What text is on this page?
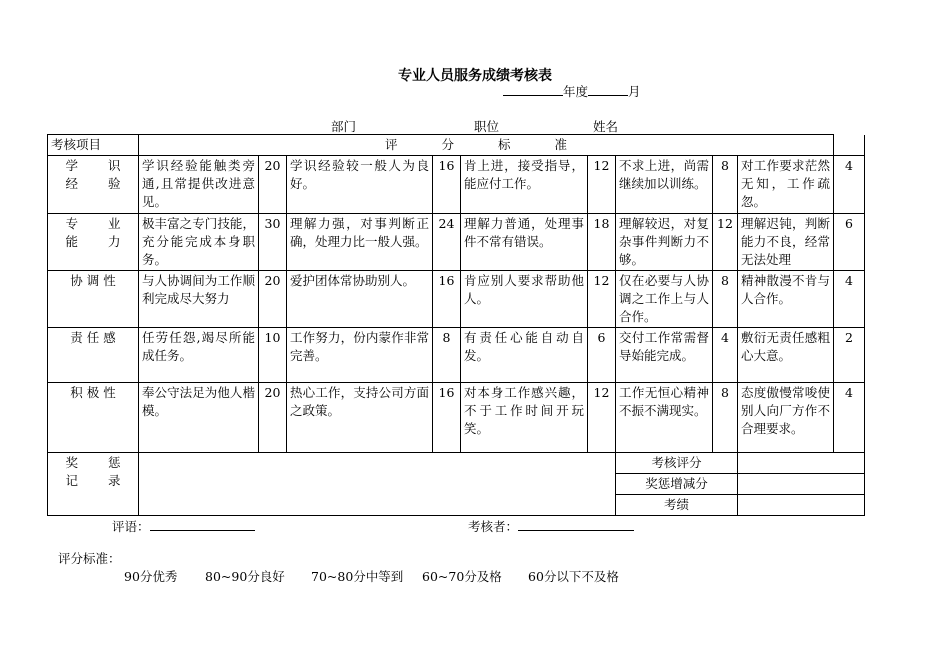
专业人员服务成绩考核表
年度	月
部门	职位	姓名
考核项目	评 分 标 准									

学 识
经 验	学识经验能触类旁通,且常提供改进意见。	20	学识经验较一般人为良好。	16	肯上进，接受指导，能应付工作。	12	不求上进，尚需继续加以训练。	8	对工作要求茫然无知，工作疏忽。	4

专 业
能 力	极丰富之专门技能，充分能完成本身职务。	30	理解力强，对事判断正确，处理力比一般人强。	24	理解力普通，处理事件不常有错误。	18	理解较迟，对复杂事件判断力不够。	12	理解迟钝，判断能力不良，经常无法处理	6

协调性	与人协调间为工作顺利完成尽大努力	20	爱护团体常协助别人。	16	肯应别人要求帮助他人。	12	仅在必要与人协调之工作上与人合作。	8	精神散漫不肯与人合作。	4

责任感	任劳任怨,竭尽所能成任务。	10	工作努力，份内蒙作非常完善。	8	有责任心能自动自发。	6	交付工作常需督导始能完成。	4	敷衍无责任感粗心大意。	2

积极性	奉公守法足为他人楷模。	20	热心工作，支持公司方面之政策。	16	对本身工作感兴趣，不于工作时间开玩笑。	12	工作无恒心精神不振不满现实。	8	态度傲慢常唆使别人向厂方作不合理要求。	4

奖 惩
记 录							考核评分			
							奖惩增减分			
							考绩			
评语：	考核者：
评分标准：
90分优秀 80~90分良好 70~80分中等到 60~70分及格 60分以下不及格
